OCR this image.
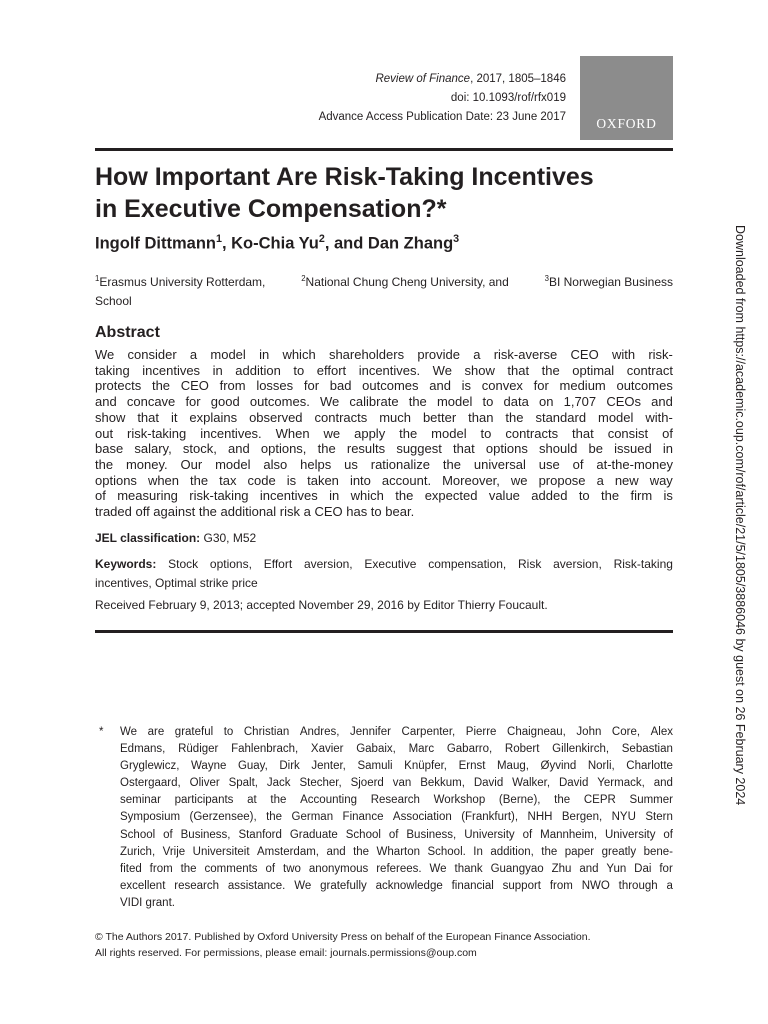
Review of Finance, 2017, 1805–1846
doi: 10.1093/rof/rfx019
Advance Access Publication Date: 23 June 2017	OXFORD
How Important Are Risk-Taking Incentives
in Executive Compensation?*
Ingolf Dittmann$^1$, Ko-Chia Yu$^2$, and Dan Zhang$^3$
$^1$Erasmus University Rotterdam,	$^2$National Chung Cheng University, and	$^3$BI Norwegian Business
School
Abstract
We consider a model in which shareholders provide a risk-averse CEO with risk-
taking incentives in addition to effort incentives. We show that the optimal contract
protects the CEO from losses for bad outcomes and is convex for medium outcomes
and concave for good outcomes. We calibrate the model to data on 1,707 CEOs and
show that it explains observed contracts much better than the standard model with-
out risk-taking incentives. When we apply the model to contracts that consist of
base salary, stock, and options, the results suggest that options should be issued in
the money. Our model also helps us rationalize the universal use of at-the-money
options when the tax code is taken into account. Moreover, we propose a new way
of measuring risk-taking incentives in which the expected value added to the firm is
traded off against the additional risk a CEO has to bear.
JEL classification: G30, M52
Keywords: Stock options, Effort aversion, Executive compensation, Risk aversion, Risk-taking
incentives, Optimal strike price
Received February 9, 2013; accepted November 29, 2016 by Editor Thierry Foucault.	Downloaded from https://academic.oup.com/rof/article/21/5/1805/3886046 by guest on 26 February 2024
* We are grateful to Christian Andres, Jennifer Carpenter, Pierre Chaigneau, John Core, Alex
Edmans, Rüdiger Fahlenbrach, Xavier Gabaix, Marc Gabarro, Robert Gillenkirch, Sebastian
Gryglewicz, Wayne Guay, Dirk Jenter, Samuli Knüpfer, Ernst Maug, Øyvind Norli, Charlotte
Ostergaard, Oliver Spalt, Jack Stecher, Sjoerd van Bekkum, David Walker, David Yermack, and
seminar participants at the Accounting Research Workshop (Berne), the CEPR Summer
Symposium (Gerzensee), the German Finance Association (Frankfurt), NHH Bergen, NYU Stern
School of Business, Stanford Graduate School of Business, University of Mannheim, University of
Zurich, Vrije Universiteit Amsterdam, and the Wharton School. In addition, the paper greatly bene-
fited from the comments of two anonymous referees. We thank Guangyao Zhu and Yun Dai for
excellent research assistance. We gratefully acknowledge financial support from NWO through a
VIDI grant.
© The Authors 2017. Published by Oxford University Press on behalf of the European Finance Association.
All rights reserved. For permissions, please email: journals.permissions@oup.com
